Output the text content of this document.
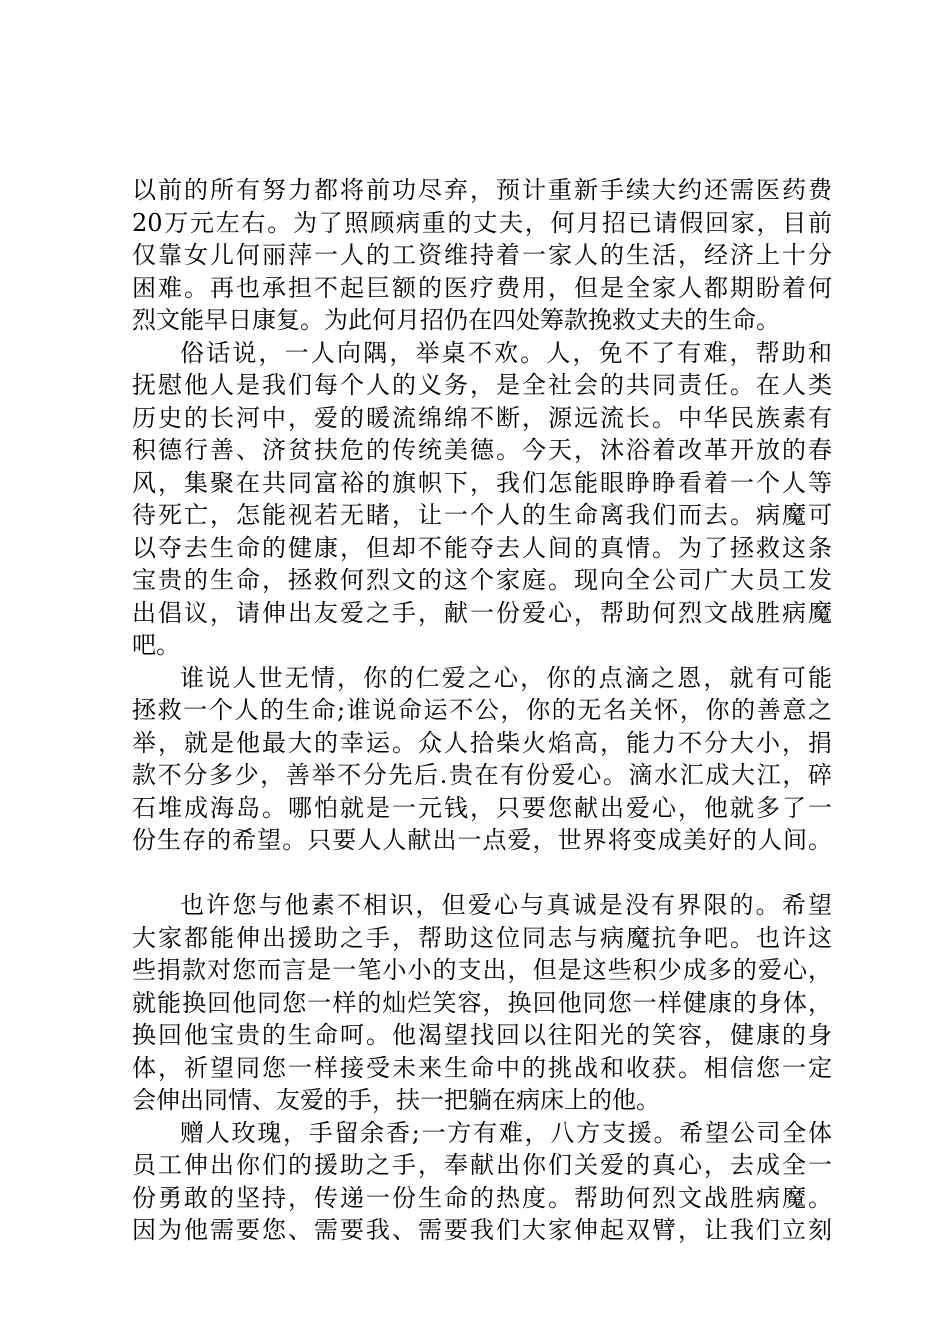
以前的所有努力都将前功尽弃，预计重新手续大约还需医药费
20万元左右。为了照顾病重的丈夫，何月招已请假回家，目前
仅靠女儿何丽萍一人的工资维持着一家人的生活，经济上十分
困难。再也承担不起巨额的医疗费用，但是全家人都期盼着何
烈文能早日康复。为此何月招仍在四处筹款挽救丈夫的生命。
俗话说，一人向隅，举桌不欢。人，免不了有难，帮助和
抚慰他人是我们每个人的义务，是全社会的共同责任。在人类
历史的长河中，爱的暖流绵绵不断，源远流长。中华民族素有
积德行善、济贫扶危的传统美德。今天，沐浴着改革开放的春
风，集聚在共同富裕的旗帜下，我们怎能眼睁睁看着一个人等
待死亡，怎能视若无睹，让一个人的生命离我们而去。病魔可
以夺去生命的健康，但却不能夺去人间的真情。为了拯救这条
宝贵的生命，拯救何烈文的这个家庭。现向全公司广大员工发
出倡议，请伸出友爱之手，献一份爱心，帮助何烈文战胜病魔
吧。
谁说人世无情，你的仁爱之心，你的点滴之恩，就有可能
拯救一个人的生命;谁说命运不公，你的无名关怀，你的善意之
举，就是他最大的幸运。众人拾柴火焰高，能力不分大小，捐
款不分多少，善举不分先后.贵在有份爱心。滴水汇成大江，碎
石堆成海岛。哪怕就是一元钱，只要您献出爱心，他就多了一
份生存的希望。只要人人献出一点爱，世界将变成美好的人间。
也许您与他素不相识，但爱心与真诚是没有界限的。希望
大家都能伸出援助之手，帮助这位同志与病魔抗争吧。也许这
些捐款对您而言是一笔小小的支出，但是这些积少成多的爱心，
就能换回他同您一样的灿烂笑容，换回他同您一样健康的身体，
换回他宝贵的生命呵。他渴望找回以往阳光的笑容，健康的身
体，祈望同您一样接受未来生命中的挑战和收获。相信您一定
会伸出同情、友爱的手，扶一把躺在病床上的他。
赠人玫瑰，手留余香;一方有难，八方支援。希望公司全体
员工伸出你们的援助之手，奉献出你们关爱的真心，去成全一
份勇敢的坚持，传递一份生命的热度。帮助何烈文战胜病魔。
因为他需要您、需要我、需要我们大家伸起双臂，让我们立刻
